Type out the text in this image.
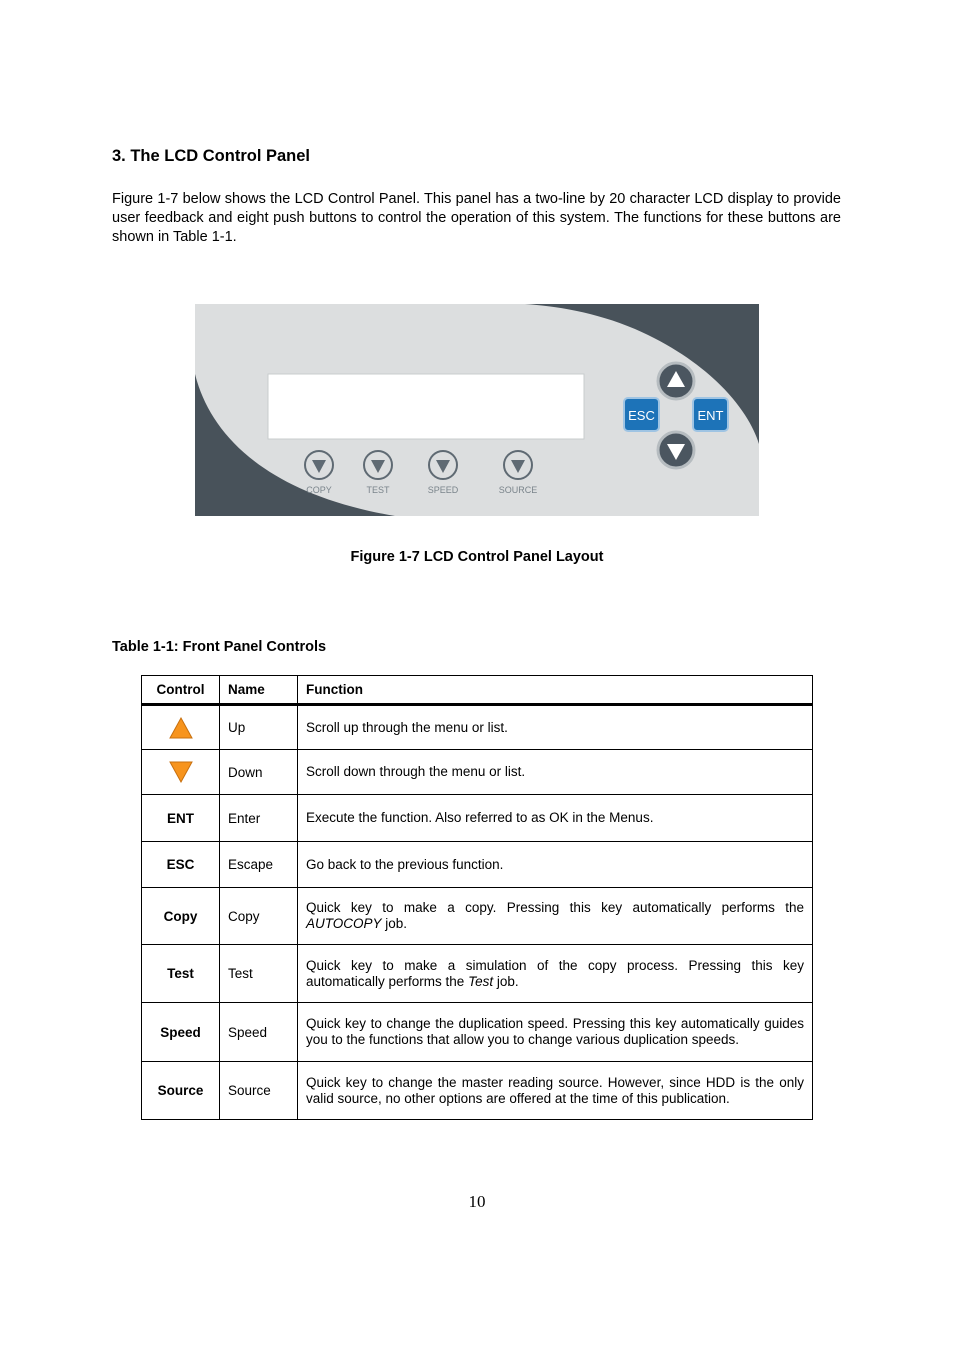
3. The LCD Control Panel

Figure 1-7 below shows the LCD Control Panel. This panel has a two-line by 20 character LCD display to provide user feedback and eight push buttons to control the operation of this system. The functions for these buttons are shown in Table 1-1.

ESC	ENT
COPY	TEST	SPEED	SOURCE
Figure 1-7 LCD Control Panel Layout
Table 1-1: Front Panel Controls
Control	Name	Function
	Up	Scroll up through the menu or list.
	Down	Scroll down through the menu or list.
ENT	Enter	Execute the function. Also referred to as OK in the Menus.
ESC	Escape	Go back to the previous function.
Copy	Copy	Quick key to make a copy. Pressing this key automatically performs the AUTOCOPY job.
Test	Test	Quick key to make a simulation of the copy process. Pressing this key automatically performs the Test job.
Speed	Speed	Quick key to change the duplication speed. Pressing this key automatically guides you to the functions that allow you to change various duplication speeds.
Source	Source	Quick key to change the master reading source. However, since HDD is the only valid source, no other options are offered at the time of this publication.
10
